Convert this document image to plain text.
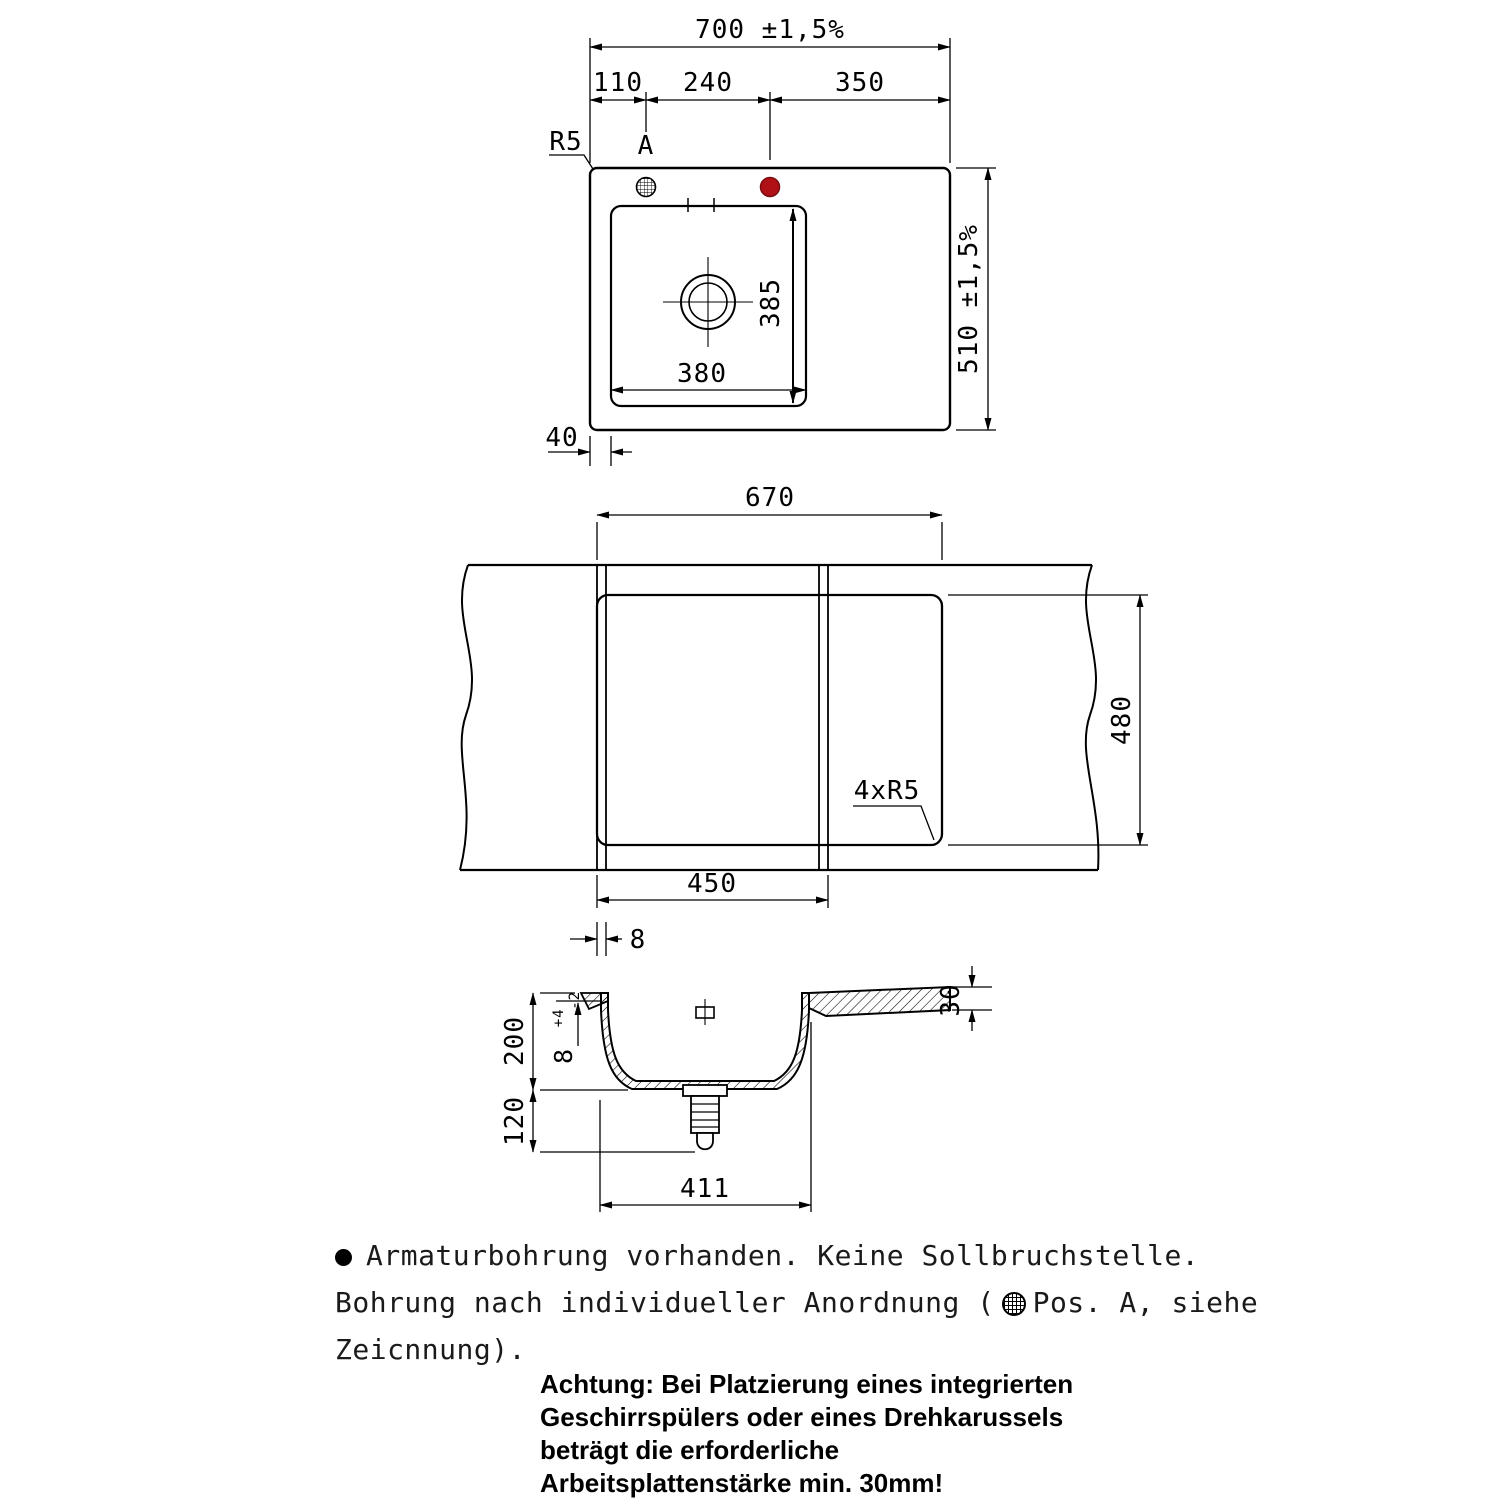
700 ±1,5%
110 240	350
R5 A
510 ±1,5%
385
380
40
670
480
4xR5
450
8
200
120
8 $^{+4}$ -2	30
411
Armaturbohrung vorhanden. Keine Sollbruchstelle.
Bohrung nach individueller Anordnung ( Pos. A, siehe
Zeicnnung).
Achtung: Bei Platzierung eines integrierten
Geschirrspülers oder eines Drehkarussels
beträgt die erforderliche
Arbeitsplattenstärke min. 30mm!
